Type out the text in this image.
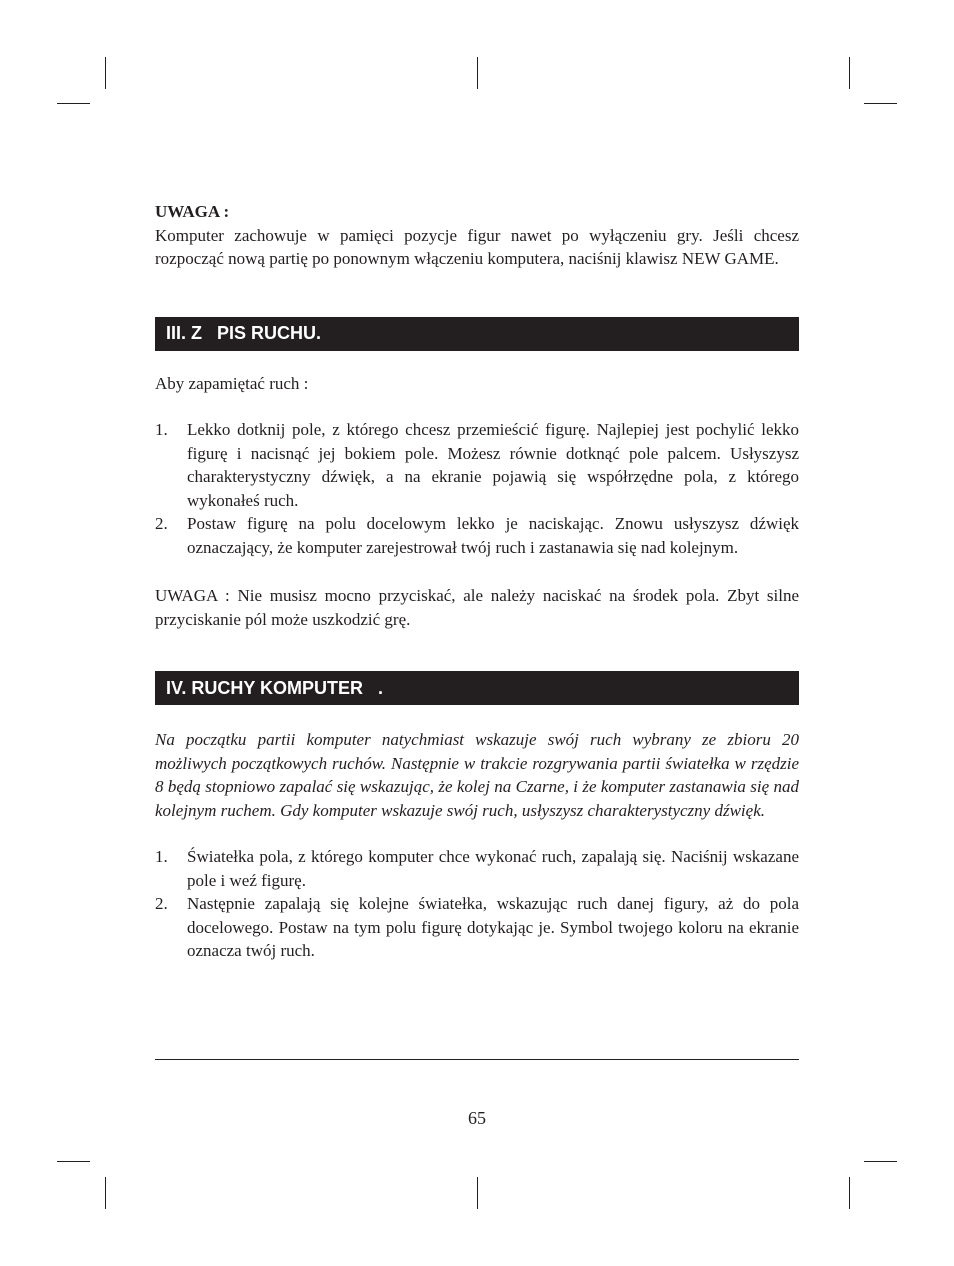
UWAGA :

Komputer zachowuje w pamięci pozycje figur nawet po wyłączeniu gry. Jeśli chcesz rozpocząć nową partię po ponownym włączeniu komputera, naciśnij klawisz NEW GAME.

III. Z   PIS RUCHU.

Aby zapamiętać ruch :

1.	Lekko dotknij pole, z którego chcesz przemieścić figurę. Najlepiej jest pochylić lekko figurę i nacisnąć jej bokiem pole. Możesz równie dotknąć pole palcem. Usłyszysz charakterystyczny dźwięk, a na ekranie pojawią się współrzędne pola, z którego wykonałeś ruch.
2.	Postaw figurę na polu docelowym lekko je naciskając. Znowu usłyszysz dźwięk oznaczający, że komputer zarejestrował twój ruch i zastanawia się nad kolejnym.

UWAGA : Nie musisz mocno przyciskać, ale należy naciskać na środek pola. Zbyt silne przyciskanie pól może uszkodzić grę.

IV. RUCHY KOMPUTER   .

Na początku partii komputer natychmiast wskazuje swój ruch wybrany ze zbioru 20 możliwych początkowych ruchów. Następnie w trakcie rozgrywania partii światełka w rzędzie 8 będą stopniowo zapalać się wskazując, że kolej na Czarne, i że komputer zastanawia się nad kolejnym ruchem. Gdy komputer wskazuje swój ruch, usłyszysz charakterystyczny dźwięk.

1.	Światełka pola, z którego komputer chce wykonać ruch, zapalają się. Naciśnij wskazane pole i weź figurę.
2.	Następnie zapalają się kolejne światełka, wskazując ruch danej figury, aż do pola docelowego. Postaw na tym polu figurę dotykając je. Symbol twojego koloru na ekranie oznacza twój ruch.
65
